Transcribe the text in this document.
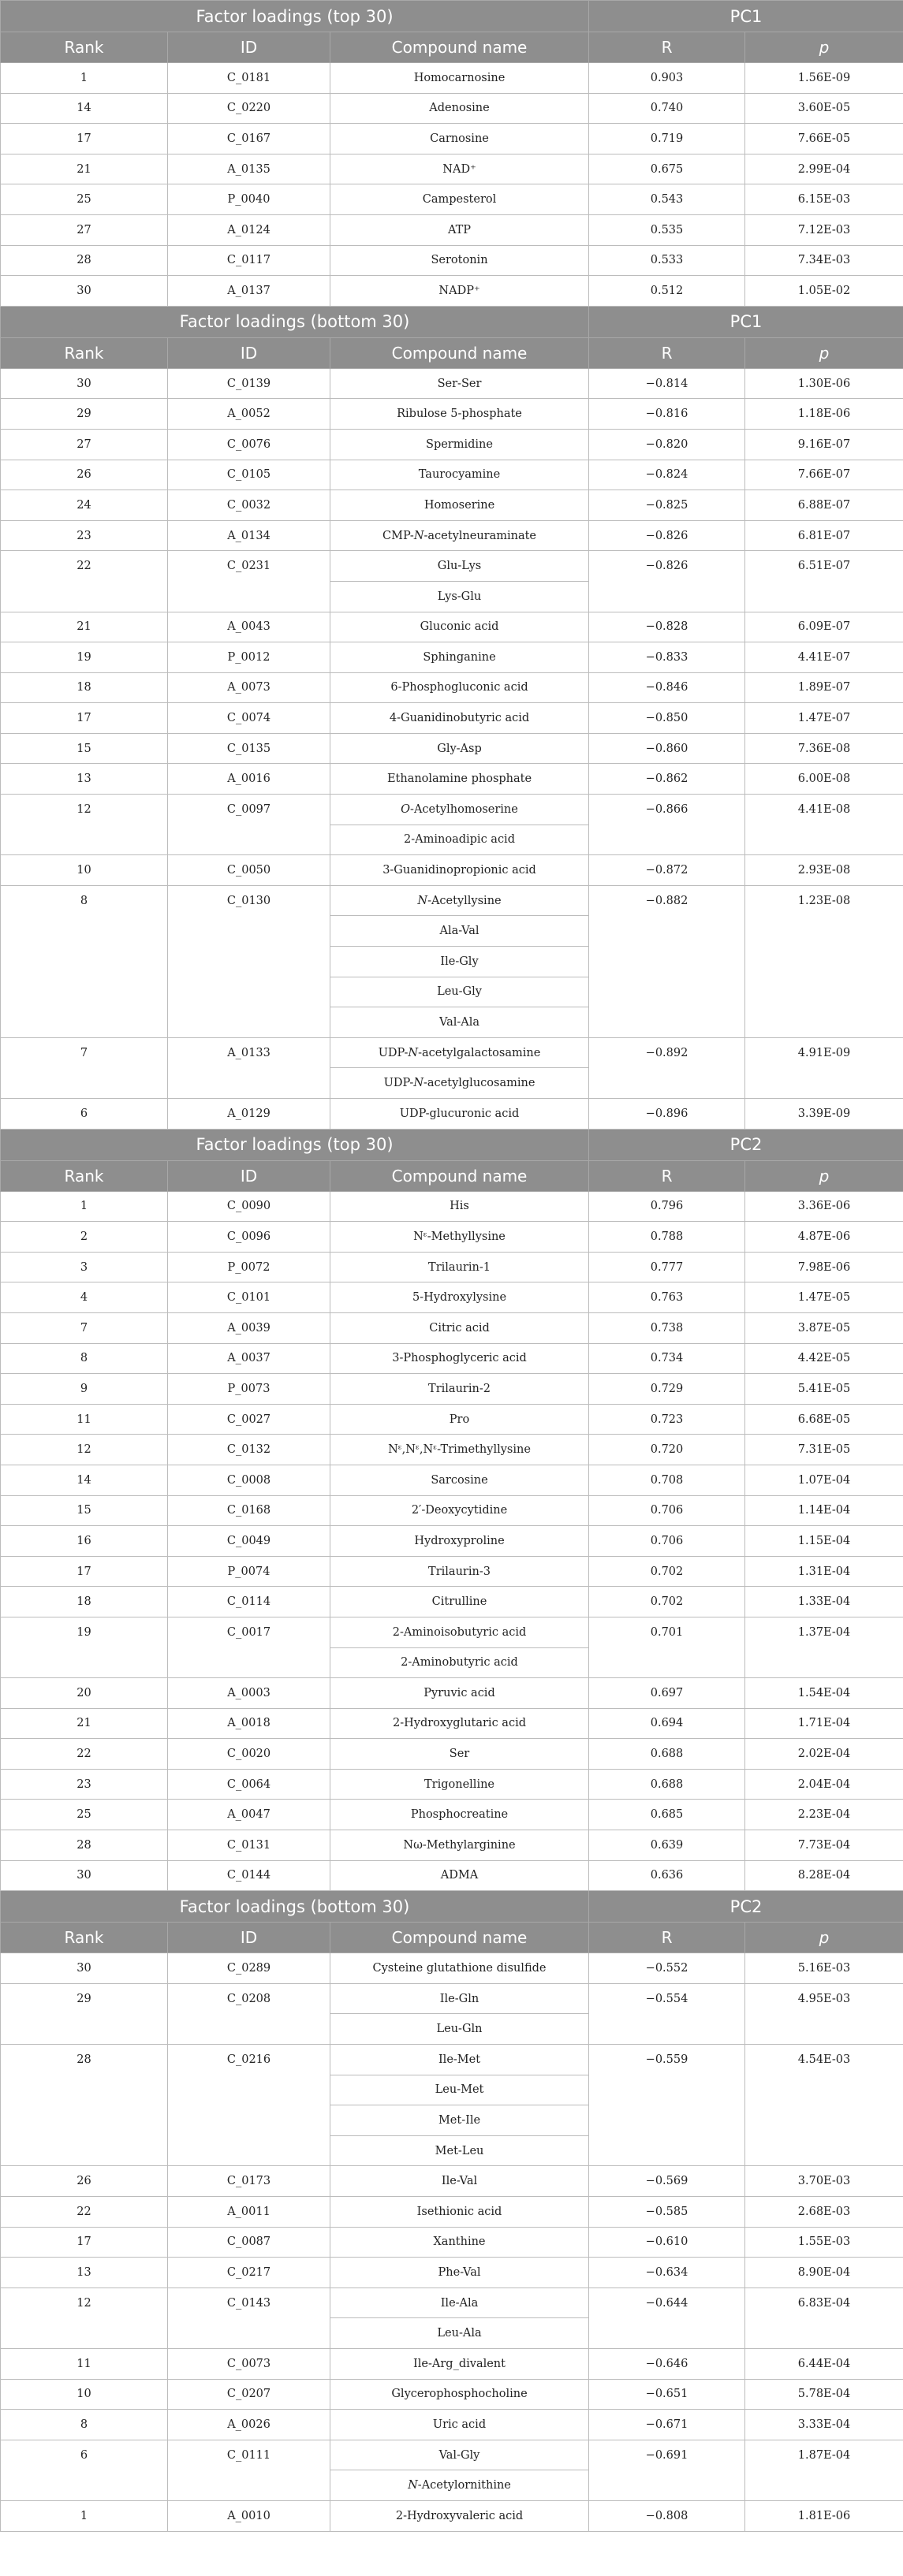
Factor loadings (top 30)			PC1	
Rank	ID	Compound name	R	p
1	C_0181	Homocarnosine	0.903	1.56E-09
14	C_0220	Adenosine	0.740	3.60E-05
17	C_0167	Carnosine	0.719	7.66E-05
21	A_0135	NAD⁺	0.675	2.99E-04
25	P_0040	Campesterol	0.543	6.15E-03
27	A_0124	ATP	0.535	7.12E-03
28	C_0117	Serotonin	0.533	7.34E-03
30	A_0137	NADP⁺	0.512	1.05E-02
Factor loadings (bottom 30)			PC1	
Rank	ID	Compound name	R	p
30	C_0139	Ser-Ser	−0.814	1.30E-06
29	A_0052	Ribulose 5-phosphate	−0.816	1.18E-06
27	C_0076	Spermidine	−0.820	9.16E-07
26	C_0105	Taurocyamine	−0.824	7.66E-07
24	C_0032	Homoserine	−0.825	6.88E-07
23	A_0134	CMP-N-acetylneuraminate	−0.826	6.81E-07
22	C_0231	Glu-Lys	−0.826	6.51E-07
		Lys-Glu		
21	A_0043	Gluconic acid	−0.828	6.09E-07
19	P_0012	Sphinganine	−0.833	4.41E-07
18	A_0073	6-Phosphogluconic acid	−0.846	1.89E-07
17	C_0074	4-Guanidinobutyric acid	−0.850	1.47E-07
15	C_0135	Gly-Asp	−0.860	7.36E-08
13	A_0016	Ethanolamine phosphate	−0.862	6.00E-08
12	C_0097	O-Acetylhomoserine	−0.866	4.41E-08
		2-Aminoadipic acid		
10	C_0050	3-Guanidinopropionic acid	−0.872	2.93E-08
8	C_0130	N-Acetyllysine	−0.882	1.23E-08
		Ala-Val		
		Ile-Gly		
		Leu-Gly		
		Val-Ala		
7	A_0133	UDP-N-acetylgalactosamine	−0.892	4.91E-09
		UDP-N-acetylglucosamine		
6	A_0129	UDP-glucuronic acid	−0.896	3.39E-09
Factor loadings (top 30)			PC2	
Rank	ID	Compound name	R	p
1	C_0090	His	0.796	3.36E-06
2	C_0096	Nᵋ-Methyllysine	0.788	4.87E-06
3	P_0072	Trilaurin-1	0.777	7.98E-06
4	C_0101	5-Hydroxylysine	0.763	1.47E-05
7	A_0039	Citric acid	0.738	3.87E-05
8	A_0037	3-Phosphoglyceric acid	0.734	4.42E-05
9	P_0073	Trilaurin-2	0.729	5.41E-05
11	C_0027	Pro	0.723	6.68E-05
12	C_0132	Nᵋ,Nᵋ,Nᵋ-Trimethyllysine	0.720	7.31E-05
14	C_0008	Sarcosine	0.708	1.07E-04
15	C_0168	2′-Deoxycytidine	0.706	1.14E-04
16	C_0049	Hydroxyproline	0.706	1.15E-04
17	P_0074	Trilaurin-3	0.702	1.31E-04
18	C_0114	Citrulline	0.702	1.33E-04
19	C_0017	2-Aminoisobutyric acid	0.701	1.37E-04
		2-Aminobutyric acid		
20	A_0003	Pyruvic acid	0.697	1.54E-04
21	A_0018	2-Hydroxyglutaric acid	0.694	1.71E-04
22	C_0020	Ser	0.688	2.02E-04
23	C_0064	Trigonelline	0.688	2.04E-04
25	A_0047	Phosphocreatine	0.685	2.23E-04
28	C_0131	Nω-Methylarginine	0.639	7.73E-04
30	C_0144	ADMA	0.636	8.28E-04
Factor loadings (bottom 30)			PC2	
Rank	ID	Compound name	R	p
30	C_0289	Cysteine glutathione disulfide	−0.552	5.16E-03
29	C_0208	Ile-Gln	−0.554	4.95E-03
		Leu-Gln		
28	C_0216	Ile-Met	−0.559	4.54E-03
		Leu-Met		
		Met-Ile		
		Met-Leu		
26	C_0173	Ile-Val	−0.569	3.70E-03
22	A_0011	Isethionic acid	−0.585	2.68E-03
17	C_0087	Xanthine	−0.610	1.55E-03
13	C_0217	Phe-Val	−0.634	8.90E-04
12	C_0143	Ile-Ala	−0.644	6.83E-04
		Leu-Ala		
11	C_0073	Ile-Arg_divalent	−0.646	6.44E-04
10	C_0207	Glycerophosphocholine	−0.651	5.78E-04
8	A_0026	Uric acid	−0.671	3.33E-04
6	C_0111	Val-Gly	−0.691	1.87E-04
		N-Acetylornithine		
1	A_0010	2-Hydroxyvaleric acid	−0.808	1.81E-06
